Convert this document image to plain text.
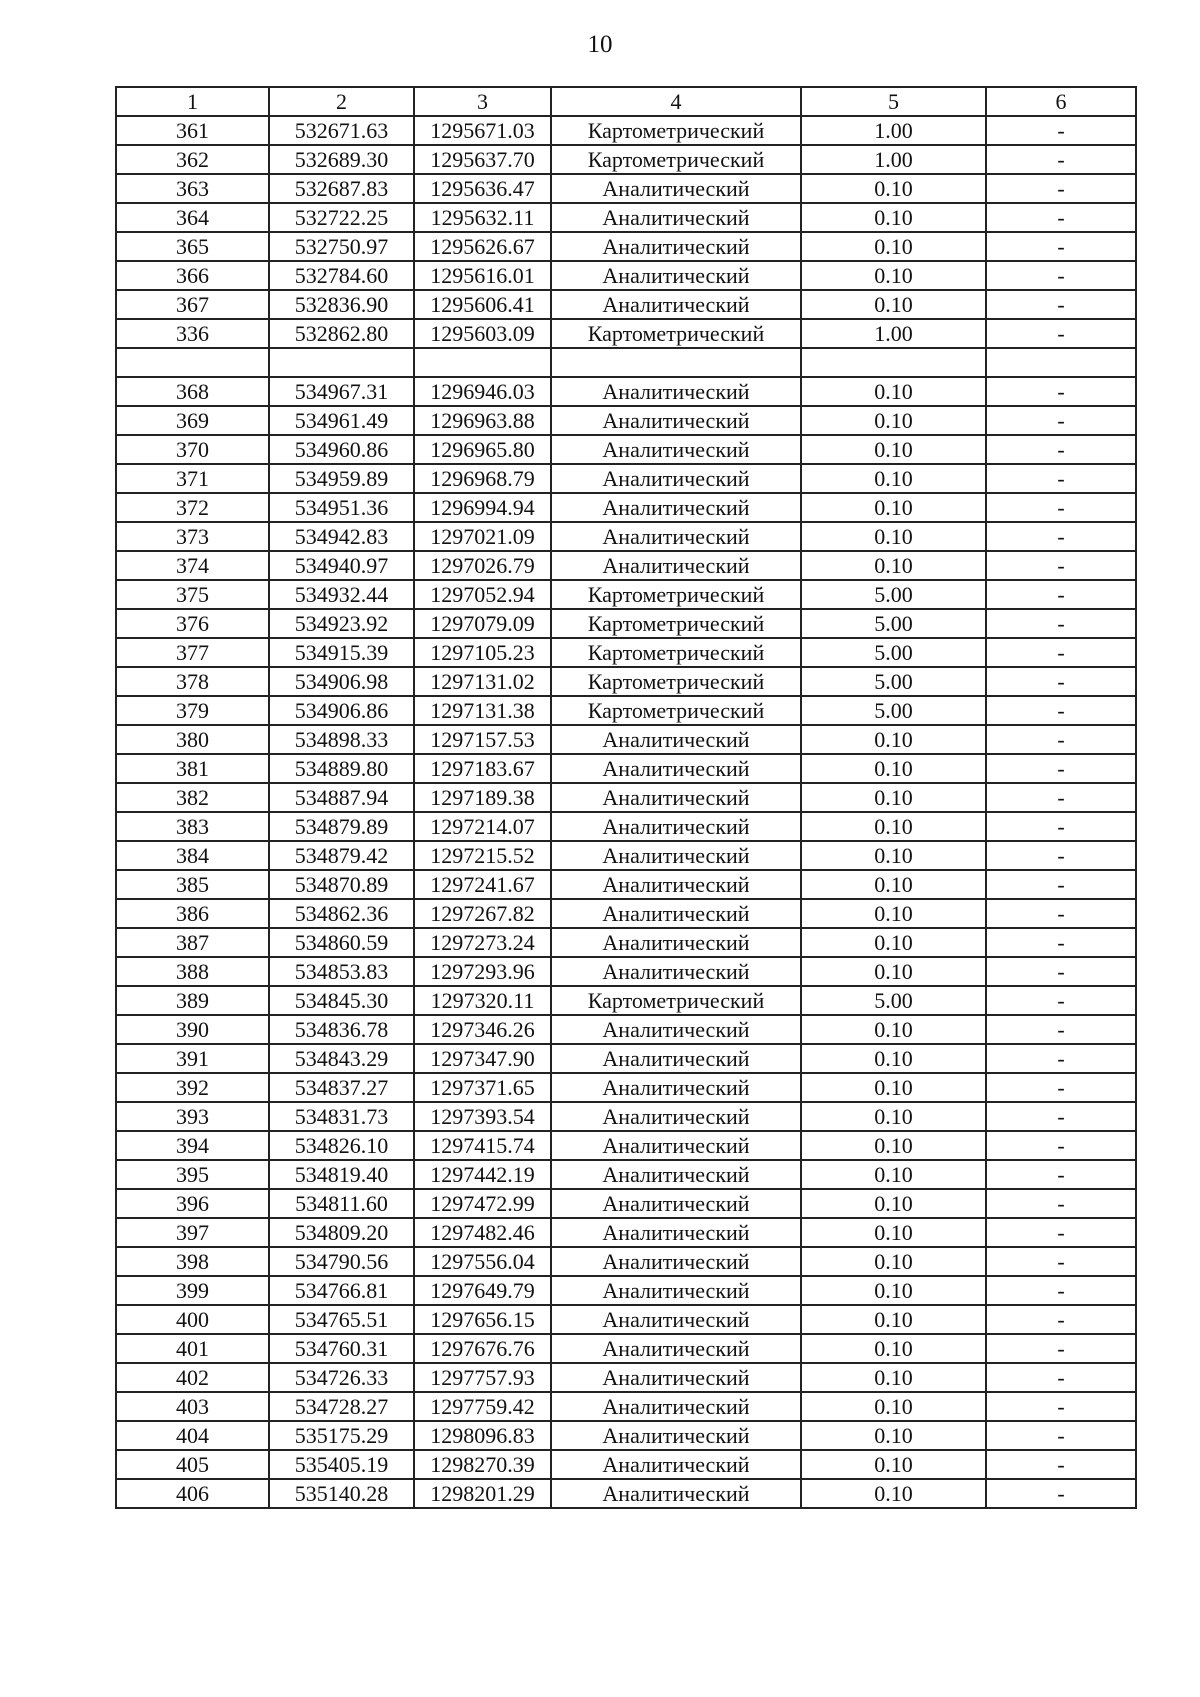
10
1	2	3	4	5	6
361	532671.63	1295671.03	Картометрический	1.00	-
362	532689.30	1295637.70	Картометрический	1.00	-
363	532687.83	1295636.47	Аналитический	0.10	-
364	532722.25	1295632.11	Аналитический	0.10	-
365	532750.97	1295626.67	Аналитический	0.10	-
366	532784.60	1295616.01	Аналитический	0.10	-
367	532836.90	1295606.41	Аналитический	0.10	-
336	532862.80	1295603.09	Картометрический	1.00	-

368	534967.31	1296946.03	Аналитический	0.10	-
369	534961.49	1296963.88	Аналитический	0.10	-
370	534960.86	1296965.80	Аналитический	0.10	-
371	534959.89	1296968.79	Аналитический	0.10	-
372	534951.36	1296994.94	Аналитический	0.10	-
373	534942.83	1297021.09	Аналитический	0.10	-
374	534940.97	1297026.79	Аналитический	0.10	-
375	534932.44	1297052.94	Картометрический	5.00	-
376	534923.92	1297079.09	Картометрический	5.00	-
377	534915.39	1297105.23	Картометрический	5.00	-
378	534906.98	1297131.02	Картометрический	5.00	-
379	534906.86	1297131.38	Картометрический	5.00	-
380	534898.33	1297157.53	Аналитический	0.10	-
381	534889.80	1297183.67	Аналитический	0.10	-
382	534887.94	1297189.38	Аналитический	0.10	-
383	534879.89	1297214.07	Аналитический	0.10	-
384	534879.42	1297215.52	Аналитический	0.10	-
385	534870.89	1297241.67	Аналитический	0.10	-
386	534862.36	1297267.82	Аналитический	0.10	-
387	534860.59	1297273.24	Аналитический	0.10	-
388	534853.83	1297293.96	Аналитический	0.10	-
389	534845.30	1297320.11	Картометрический	5.00	-
390	534836.78	1297346.26	Аналитический	0.10	-
391	534843.29	1297347.90	Аналитический	0.10	-
392	534837.27	1297371.65	Аналитический	0.10	-
393	534831.73	1297393.54	Аналитический	0.10	-
394	534826.10	1297415.74	Аналитический	0.10	-
395	534819.40	1297442.19	Аналитический	0.10	-
396	534811.60	1297472.99	Аналитический	0.10	-
397	534809.20	1297482.46	Аналитический	0.10	-
398	534790.56	1297556.04	Аналитический	0.10	-
399	534766.81	1297649.79	Аналитический	0.10	-
400	534765.51	1297656.15	Аналитический	0.10	-
401	534760.31	1297676.76	Аналитический	0.10	-
402	534726.33	1297757.93	Аналитический	0.10	-
403	534728.27	1297759.42	Аналитический	0.10	-
404	535175.29	1298096.83	Аналитический	0.10	-
405	535405.19	1298270.39	Аналитический	0.10	-
406	535140.28	1298201.29	Аналитический	0.10	-
